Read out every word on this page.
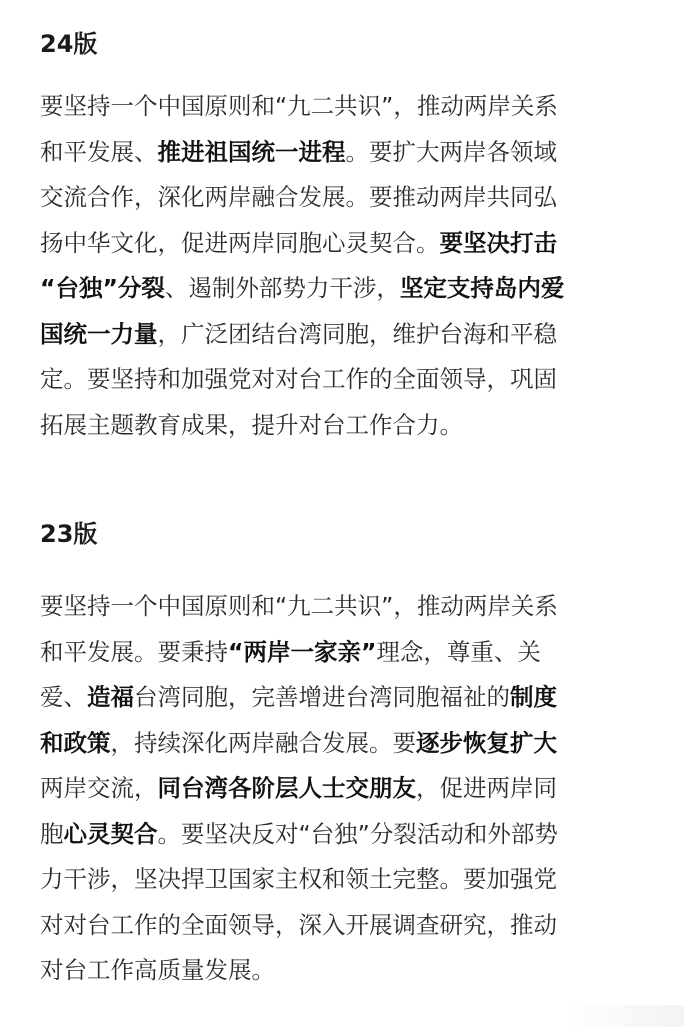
24版

要坚持一个中国原则和“九二共识”，推动两岸关系
和平发展、推进祖国统一进程。要扩大两岸各领域
交流合作，深化两岸融合发展。要推动两岸共同弘
扬中华文化，促进两岸同胞心灵契合。要坚决打击
“台独”分裂、遏制外部势力干涉，坚定支持岛内爱
国统一力量，广泛团结台湾同胞，维护台海和平稳
定。要坚持和加强党对对台工作的全面领导，巩固
拓展主题教育成果，提升对台工作合力。

23版

要坚持一个中国原则和“九二共识”，推动两岸关系
和平发展。要秉持“两岸一家亲”理念，尊重、关
爱、造福台湾同胞，完善增进台湾同胞福祉的制度
和政策，持续深化两岸融合发展。要逐步恢复扩大
两岸交流，同台湾各阶层人士交朋友，促进两岸同
胞心灵契合。要坚决反对“台独”分裂活动和外部势
力干涉，坚决捍卫国家主权和领土完整。要加强党
对对台工作的全面领导，深入开展调查研究，推动
对台工作高质量发展。
